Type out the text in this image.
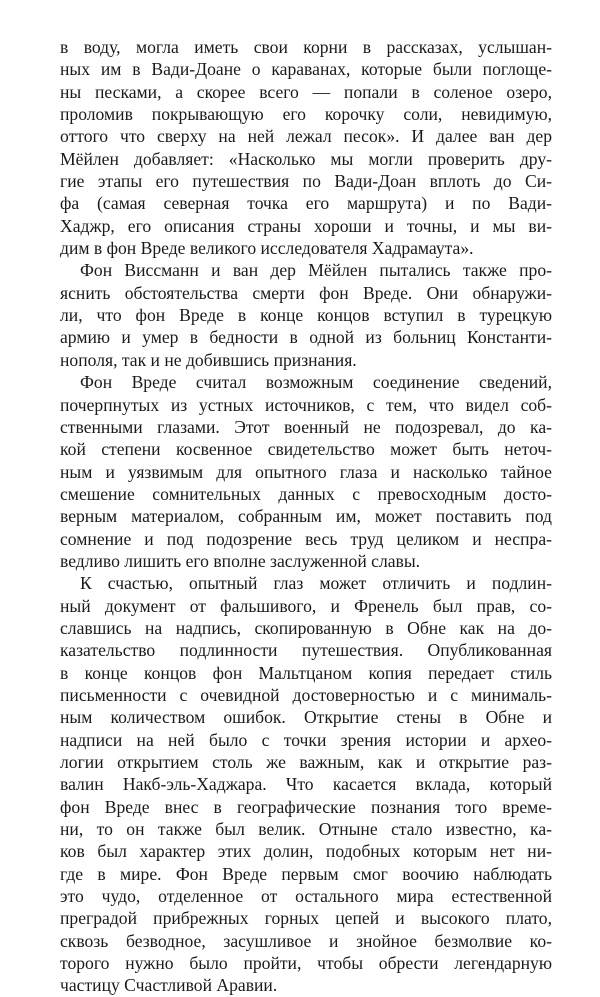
в воду, могла иметь свои корни в рассказах, услышан-
ных им в Вади-Доане о караванах, которые были поглоще-
ны песками, а скорее всего — попали в соленое озеро,
проломив покрывающую его корочку соли, невидимую,
оттого что сверху на ней лежал песок». И далее ван дер
Мёйлен добавляет: «Насколько мы могли проверить дру-
гие этапы его путешествия по Вади-Доан вплоть до Си-
фа (самая северная точка его маршрута) и по Вади-
Хаджр, его описания страны хороши и точны, и мы ви-
дим в фон Вреде великого исследователя Хадрамаута».
Фон Виссманн и ван дер Мёйлен пытались также про-
яснить обстоятельства смерти фон Вреде. Они обнаружи-
ли, что фон Вреде в конце концов вступил в турецкую
армию и умер в бедности в одной из больниц Константи-
нополя, так и не добившись признания.
Фон Вреде считал возможным соединение сведений,
почерпнутых из устных источников, с тем, что видел соб-
ственными глазами. Этот военный не подозревал, до ка-
кой степени косвенное свидетельство может быть неточ-
ным и уязвимым для опытного глаза и насколько тайное
смешение сомнительных данных с превосходным досто-
верным материалом, собранным им, может поставить под
сомнение и под подозрение весь труд целиком и неспра-
ведливо лишить его вполне заслуженной славы.
К счастью, опытный глаз может отличить и подлин-
ный документ от фальшивого, и Френель был прав, со-
славшись на надпись, скопированную в Обне как на до-
казательство подлинности путешествия. Опубликованная
в конце концов фон Мальтцаном копия передает стиль
письменности с очевидной достоверностью и с минималь-
ным количеством ошибок. Открытие стены в Обне и
надписи на ней было с точки зрения истории и архео-
логии открытием столь же важным, как и открытие раз-
валин Накб-эль-Хаджара. Что касается вклада, который
фон Вреде внес в географические познания того време-
ни, то он также был велик. Отныне стало известно, ка-
ков был характер этих долин, подобных которым нет ни-
где в мире. Фон Вреде первым смог воочию наблюдать
это чудо, отделенное от остального мира естественной
преградой прибрежных горных цепей и высокого плато,
сквозь безводное, засушливое и знойное безмолвие ко-
торого нужно было пройти, чтобы обрести легендарную
частицу Счастливой Аравии.
